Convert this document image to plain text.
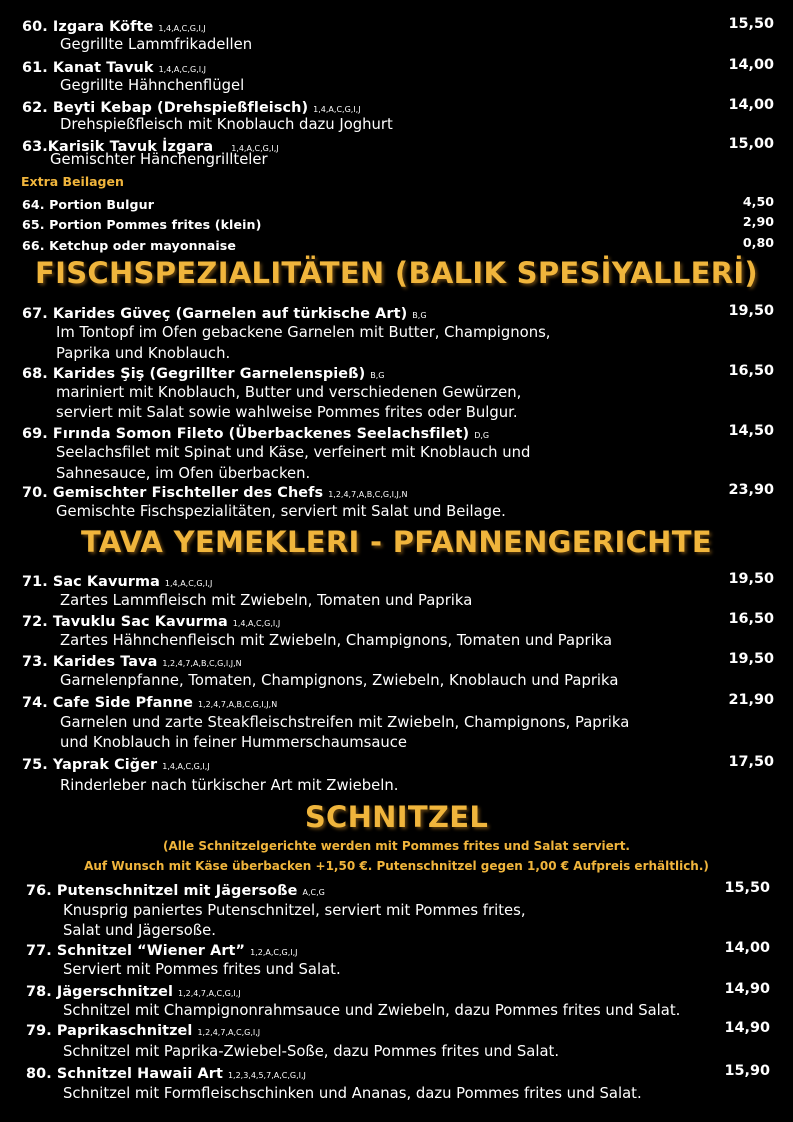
60. Izgara Köfte 1,4,A,C,G,I,J	15,50
Gegrillte Lammfrikadellen
61. Kanat Tavuk 1,4,A,C,G,I,J	14,00
Gegrillte Hähnchenflügel
62. Beyti Kebap (Drehspießfleisch) 1,4,A,C,G,I,J	14,00
Drehspießfleisch mit Knoblauch dazu Joghurt
63.Karisik Tavuk İzgara 1,4,A,C,G,I,J	15,00
Gemischter Hänchengrillteler
Extra Beilagen
64. Portion Bulgur	4,50
65. Portion Pommes frites (klein)	2,90
66. Ketchup oder mayonnaise	0,80
FISCHSPEZIALITÄTEN (BALIK SPESİYALLERİ)
67. Karides Güveç (Garnelen auf türkische Art) B,G	19,50
Im Tontopf im Ofen gebackene Garnelen mit Butter, Champignons,
Paprika und Knoblauch.
68. Karides Şiş (Gegrillter Garnelenspieß) B,G	16,50
mariniert mit Knoblauch, Butter und verschiedenen Gewürzen,
serviert mit Salat sowie wahlweise Pommes frites oder Bulgur.
69. Fırında Somon Fileto (Überbackenes Seelachsfilet) D,G	14,50
Seelachsfilet mit Spinat und Käse, verfeinert mit Knoblauch und
Sahnesauce, im Ofen überbacken.
70. Gemischter Fischteller des Chefs 1,2,4,7,A,B,C,G,I,J,N	23,90
Gemischte Fischspezialitäten, serviert mit Salat und Beilage.
TAVA YEMEKLERI - PFANNENGERICHTE
71. Sac Kavurma 1,4,A,C,G,I,J	19,50
Zartes Lammfleisch mit Zwiebeln, Tomaten und Paprika
72. Tavuklu Sac Kavurma 1,4,A,C,G,I,J	16,50
Zartes Hähnchenfleisch mit Zwiebeln, Champignons, Tomaten und Paprika
73. Karides Tava 1,2,4,7,A,B,C,G,I,J,N	19,50
Garnelenpfanne, Tomaten, Champignons, Zwiebeln, Knoblauch und Paprika
74. Cafe Side Pfanne 1,2,4,7,A,B,C,G,I,J,N	21,90
Garnelen und zarte Steakfleischstreifen mit Zwiebeln, Champignons, Paprika
und Knoblauch in feiner Hummerschaumsauce
75. Yaprak Ciğer 1,4,A,C,G,I,J	17,50
Rinderleber nach türkischer Art mit Zwiebeln.
SCHNITZEL
(Alle Schnitzelgerichte werden mit Pommes frites und Salat serviert.
Auf Wunsch mit Käse überbacken +1,50 €. Putenschnitzel gegen 1,00 € Aufpreis erhältlich.)
76. Putenschnitzel mit Jägersoße A,C,G	15,50
Knusprig paniertes Putenschnitzel, serviert mit Pommes frites,
Salat und Jägersoße.
77. Schnitzel “Wiener Art” 1,2,A,C,G,I,J	14,00
Serviert mit Pommes frites und Salat.
78. Jägerschnitzel 1,2,4,7,A,C,G,I,J	14,90
Schnitzel mit Champignonrahmsauce und Zwiebeln, dazu Pommes frites und Salat.
79. Paprikaschnitzel 1,2,4,7,A,C,G,I,J	14,90
Schnitzel mit Paprika-Zwiebel-Soße, dazu Pommes frites und Salat.
80. Schnitzel Hawaii Art 1,2,3,4,5,7,A,C,G,I,J	15,90
Schnitzel mit Formfleischschinken und Ananas, dazu Pommes frites und Salat.
